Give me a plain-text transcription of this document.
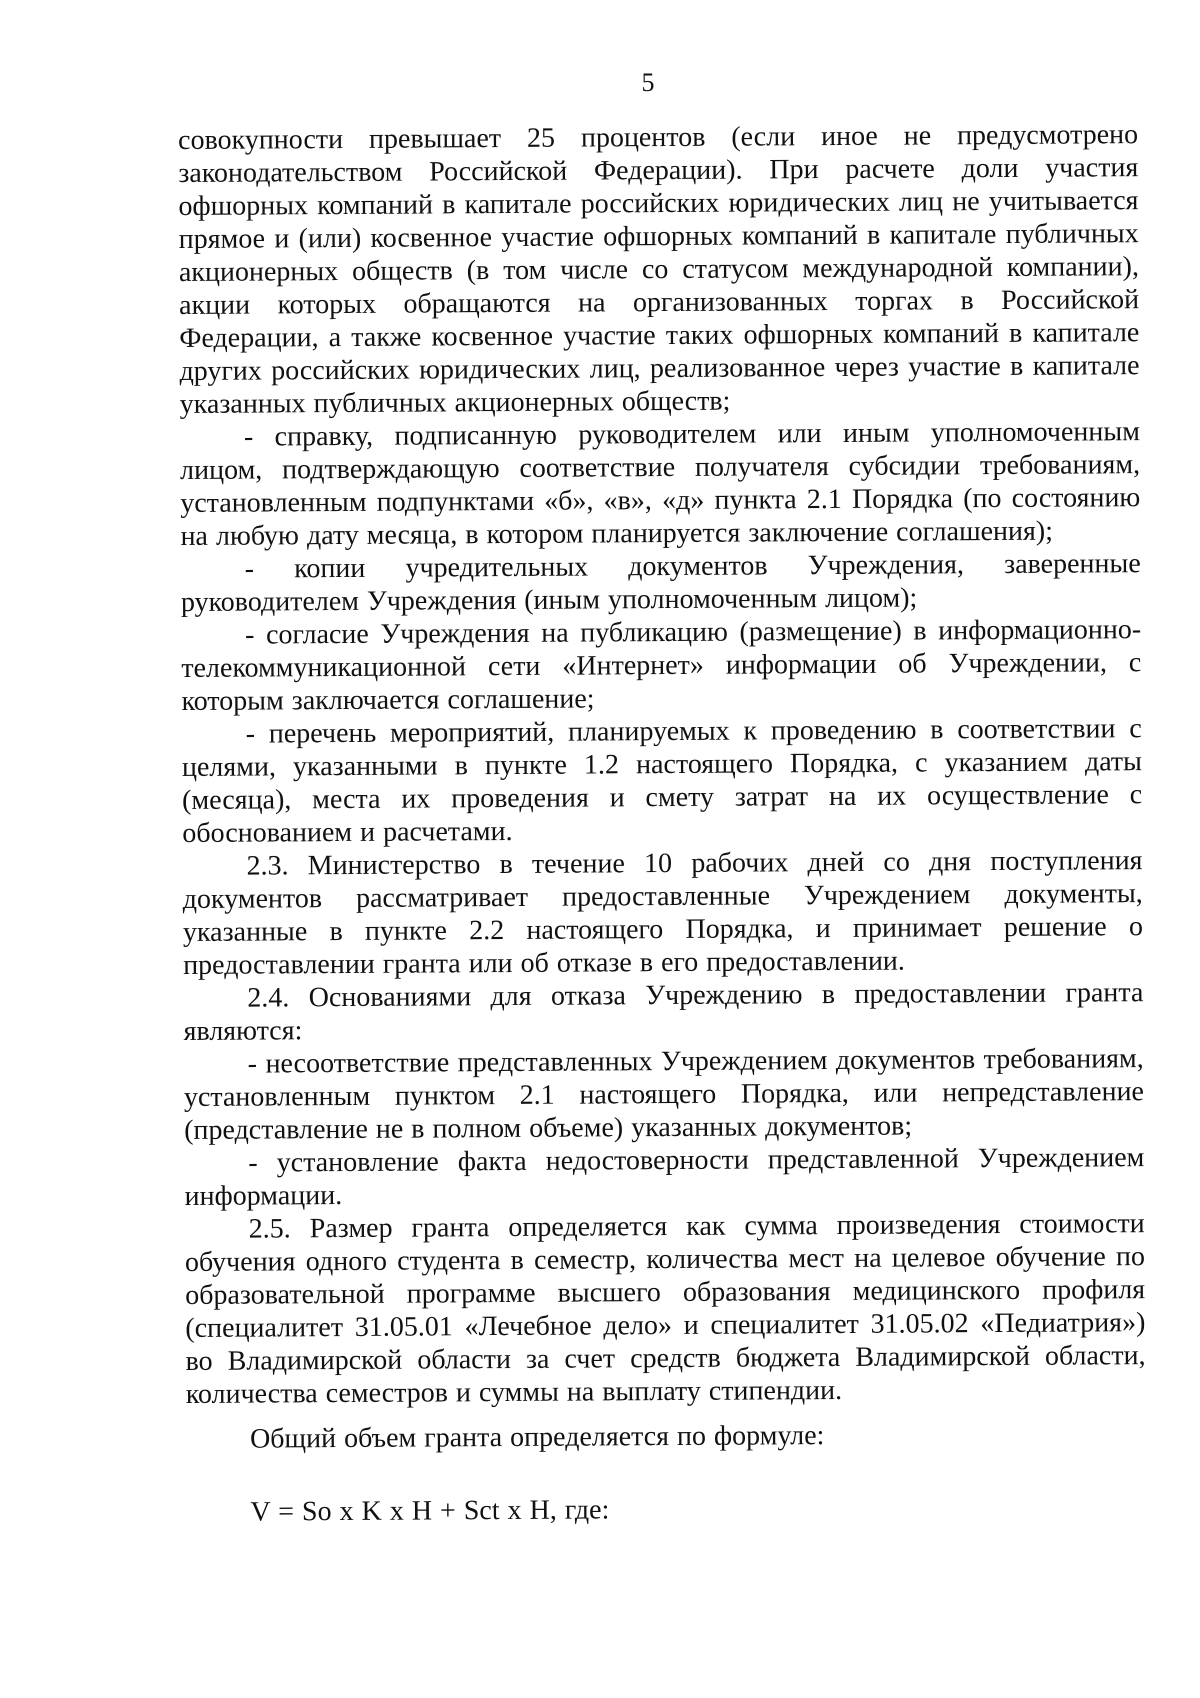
5

совокупности превышает 25 процентов (если иное не предусмотрено законодательством Российской Федерации). При расчете доли участия офшорных компаний в капитале российских юридических лиц не учитывается прямое и (или) косвенное участие офшорных компаний в капитале публичных акционерных обществ (в том числе со статусом международной компании), акции которых обращаются на организованных торгах в Российской Федерации, а также косвенное участие таких офшорных компаний в капитале других российских юридических лиц, реализованное через участие в капитале указанных публичных акционерных обществ;

- справку, подписанную руководителем или иным уполномоченным лицом, подтверждающую соответствие получателя субсидии требованиям, установленным подпунктами «б», «в», «д» пункта 2.1 Порядка (по состоянию на любую дату месяца, в котором планируется заключение соглашения);

- копии учредительных документов Учреждения, заверенные руководителем Учреждения (иным уполномоченным лицом);

- согласие Учреждения на публикацию (размещение) в информационно-телекоммуникационной сети «Интернет» информации об Учреждении, с которым заключается соглашение;

- перечень мероприятий, планируемых к проведению в соответствии с целями, указанными в пункте 1.2 настоящего Порядка, с указанием даты (месяца), места их проведения и смету затрат на их осуществление с обоснованием и расчетами.

2.3. Министерство в течение 10 рабочих дней со дня поступления документов рассматривает предоставленные Учреждением документы, указанные в пункте 2.2 настоящего Порядка, и принимает решение о предоставлении гранта или об отказе в его предоставлении.

2.4. Основаниями для отказа Учреждению в предоставлении гранта являются:

- несоответствие представленных Учреждением документов требованиям, установленным пунктом 2.1 настоящего Порядка, или непредставление (представление не в полном объеме) указанных документов;

- установление факта недостоверности представленной Учреждением информации.

2.5. Размер гранта определяется как сумма произведения стоимости обучения одного студента в семестр, количества мест на целевое обучение по образовательной программе высшего образования медицинского профиля (специалитет 31.05.01 «Лечебное дело» и специалитет 31.05.02 «Педиатрия») во Владимирской области за счет средств бюджета Владимирской области, количества семестров и суммы на выплату стипендии.

Общий объем гранта определяется по формуле:

V = So x K x H + Sct x H, где:
